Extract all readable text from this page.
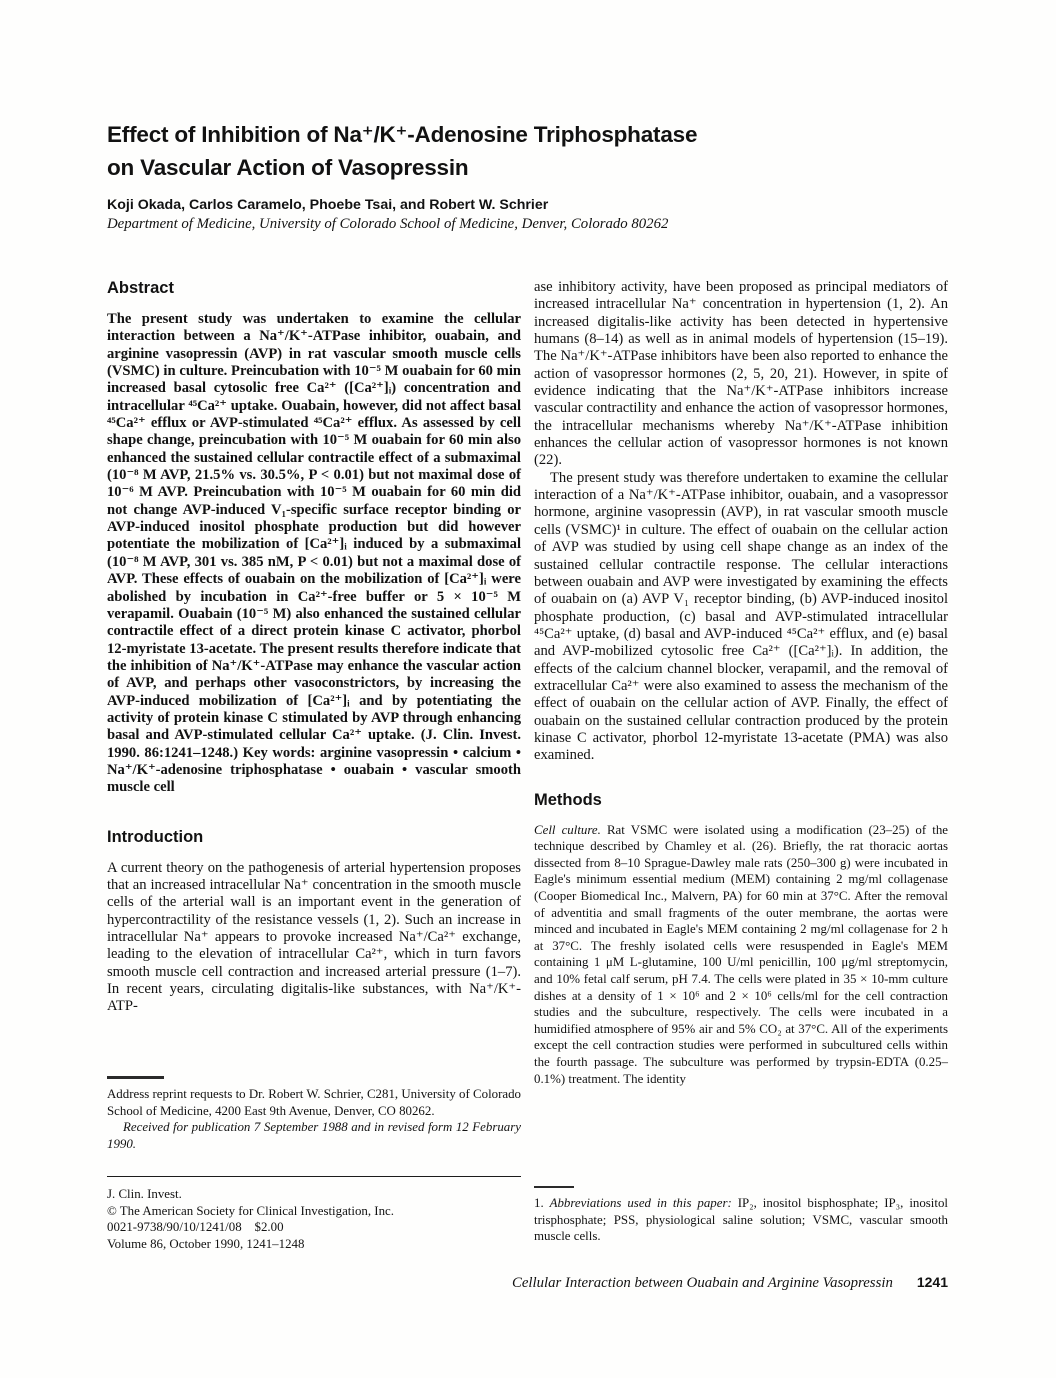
Effect of Inhibition of Na⁺/K⁺-Adenosine Triphosphatase
on Vascular Action of Vasopressin
Koji Okada, Carlos Caramelo, Phoebe Tsai, and Robert W. Schrier
Department of Medicine, University of Colorado School of Medicine, Denver, Colorado 80262
Abstract

The present study was undertaken to examine the cellular interaction between a Na⁺/K⁺-ATPase inhibitor, ouabain, and arginine vasopressin (AVP) in rat vascular smooth muscle cells (VSMC) in culture. Preincubation with 10⁻⁵ M ouabain for 60 min increased basal cytosolic free Ca²⁺ ([Ca²⁺]ᵢ) concentration and intracellular ⁴⁵Ca²⁺ uptake. Ouabain, however, did not affect basal ⁴⁵Ca²⁺ efflux or AVP-stimulated ⁴⁵Ca²⁺ efflux. As assessed by cell shape change, preincubation with 10⁻⁵ M ouabain for 60 min also enhanced the sustained cellular contractile effect of a submaximal (10⁻⁸ M AVP, 21.5% vs. 30.5%, P < 0.01) but not maximal dose of 10⁻⁶ M AVP. Preincubation with 10⁻⁵ M ouabain for 60 min did not change AVP-induced V₁-specific surface receptor binding or AVP-induced inositol phosphate production but did however potentiate the mobilization of [Ca²⁺]ᵢ induced by a submaximal (10⁻⁸ M AVP, 301 vs. 385 nM, P < 0.01) but not a maximal dose of AVP. These effects of ouabain on the mobilization of [Ca²⁺]ᵢ were abolished by incubation in Ca²⁺-free buffer or 5 × 10⁻⁵ M verapamil. Ouabain (10⁻⁵ M) also enhanced the sustained cellular contractile effect of a direct protein kinase C activator, phorbol 12-myristate 13-acetate. The present results therefore indicate that the inhibition of Na⁺/K⁺-ATPase may enhance the vascular action of AVP, and perhaps other vasoconstrictors, by increasing the AVP-induced mobilization of [Ca²⁺]ᵢ and by potentiating the activity of protein kinase C stimulated by AVP through enhancing basal and AVP-stimulated cellular Ca²⁺ uptake. (J. Clin. Invest. 1990. 86:1241–1248.) Key words: arginine vasopressin • calcium • Na⁺/K⁺-adenosine triphosphatase • ouabain • vascular smooth muscle cell

Introduction

A current theory on the pathogenesis of arterial hypertension proposes that an increased intracellular Na⁺ concentration in the smooth muscle cells of the arterial wall is an important event in the generation of hypercontractility of the resistance vessels (1, 2). Such an increase in intracellular Na⁺ appears to provoke increased Na⁺/Ca²⁺ exchange, leading to the elevation of intracellular Ca²⁺, which in turn favors smooth muscle cell contraction and increased arterial pressure (1–7). In recent years, circulating digitalis-like substances, with Na⁺/K⁺-ATP-

Address reprint requests to Dr. Robert W. Schrier, C281, University of Colorado School of Medicine, 4200 East 9th Avenue, Denver, CO 80262.

Received for publication 7 September 1988 and in revised form 12 February 1990.

J. Clin. Invest.

© The American Society for Clinical Investigation, Inc.

0021-9738/90/10/1241/08 $2.00

Volume 86, October 1990, 1241–1248

ase inhibitory activity, have been proposed as principal mediators of increased intracellular Na⁺ concentration in hypertension (1, 2). An increased digitalis-like activity has been detected in hypertensive humans (8–14) as well as in animal models of hypertension (15–19). The Na⁺/K⁺-ATPase inhibitors have been also reported to enhance the action of vasopressor hormones (2, 5, 20, 21). However, in spite of evidence indicating that the Na⁺/K⁺-ATPase inhibitors increase vascular contractility and enhance the action of vasopressor hormones, the intracellular mechanisms whereby Na⁺/K⁺-ATPase inhibition enhances the cellular action of vasopressor hormones is not known (22).

The present study was therefore undertaken to examine the cellular interaction of a Na⁺/K⁺-ATPase inhibitor, ouabain, and a vasopressor hormone, arginine vasopressin (AVP), in rat vascular smooth muscle cells (VSMC)¹ in culture. The effect of ouabain on the cellular action of AVP was studied by using cell shape change as an index of the sustained cellular contractile response. The cellular interactions between ouabain and AVP were investigated by examining the effects of ouabain on (a) AVP V₁ receptor binding, (b) AVP-induced inositol phosphate production, (c) basal and AVP-stimulated intracellular ⁴⁵Ca²⁺ uptake, (d) basal and AVP-induced ⁴⁵Ca²⁺ efflux, and (e) basal and AVP-mobilized cytosolic free Ca²⁺ ([Ca²⁺]ᵢ). In addition, the effects of the calcium channel blocker, verapamil, and the removal of extracellular Ca²⁺ were also examined to assess the mechanism of the effect of ouabain on the cellular action of AVP. Finally, the effect of ouabain on the sustained cellular contraction produced by the protein kinase C activator, phorbol 12-myristate 13-acetate (PMA) was also examined.

Methods

Cell culture. Rat VSMC were isolated using a modification (23–25) of the technique described by Chamley et al. (26). Briefly, the rat thoracic aortas dissected from 8–10 Sprague-Dawley male rats (250–300 g) were incubated in Eagle's minimum essential medium (MEM) containing 2 mg/ml collagenase (Cooper Biomedical Inc., Malvern, PA) for 60 min at 37°C. After the removal of adventitia and small fragments of the outer membrane, the aortas were minced and incubated in Eagle's MEM containing 2 mg/ml collagenase for 2 h at 37°C. The freshly isolated cells were resuspended in Eagle's MEM containing 1 μM L-glutamine, 100 U/ml penicillin, 100 μg/ml streptomycin, and 10% fetal calf serum, pH 7.4. The cells were plated in 35 × 10-mm culture dishes at a density of 1 × 10⁶ and 2 × 10⁶ cells/ml for the cell contraction studies and the subculture, respectively. The cells were incubated in a humidified atmosphere of 95% air and 5% CO₂ at 37°C. All of the experiments except the cell contraction studies were performed in subcultured cells within the fourth passage. The subculture was performed by trypsin-EDTA (0.25–0.1%) treatment. The identity

1. Abbreviations used in this paper: IP₂, inositol bisphosphate; IP₃, inositol trisphosphate; PSS, physiological saline solution; VSMC, vascular smooth muscle cells.

Cellular Interaction between Ouabain and Arginine Vasopressin 1241
